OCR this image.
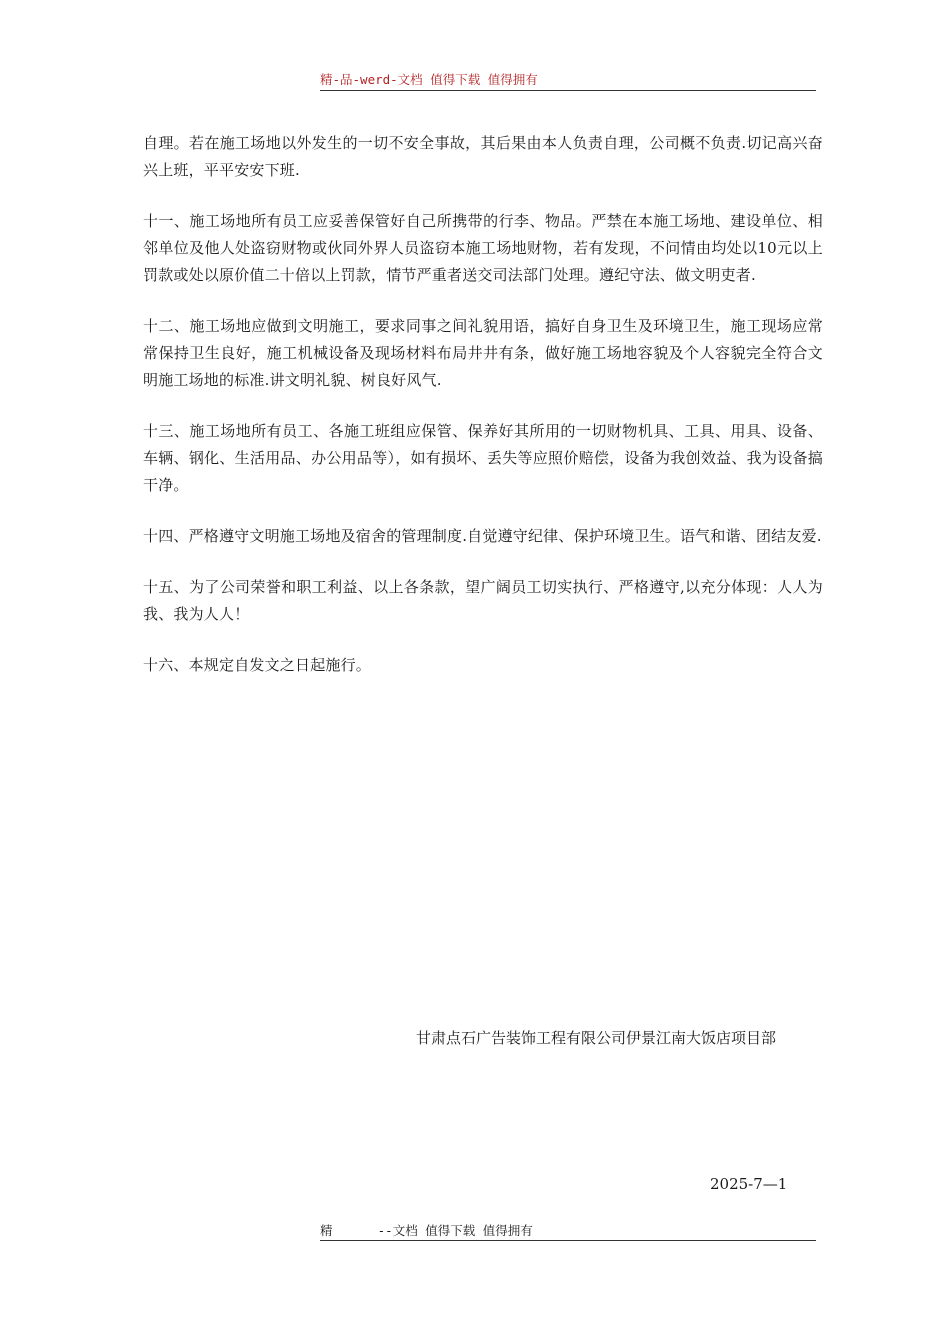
精-品-werd-文档 值得下载 值得拥有

自理。若在施工场地以外发生的一切不安全事故，其后果由本人负责自理，公司概不负责.切记高兴奋兴上班，平平安安下班.

十一、施工场地所有员工应妥善保管好自己所携带的行李、物品。严禁在本施工场地、建设单位、相邻单位及他人处盗窃财物或伙同外界人员盗窃本施工场地财物，若有发现，不问情由均处以10元以上罚款或处以原价值二十倍以上罚款，情节严重者送交司法部门处理。遵纪守法、做文明吏者.

十二、施工场地应做到文明施工，要求同事之间礼貌用语，搞好自身卫生及环境卫生，施工现场应常常保持卫生良好，施工机械设备及现场材料布局井井有条，做好施工场地容貌及个人容貌完全符合文明施工场地的标准.讲文明礼貌、树良好风气.

十三、施工场地所有员工、各施工班组应保管、保养好其所用的一切财物机具、工具、用具、设备、车辆、钢化、生活用品、办公用品等），如有损坏、丢失等应照价赔偿，设备为我创效益、我为设备搞干净。

十四、严格遵守文明施工场地及宿舍的管理制度.自觉遵守纪律、保护环境卫生。语气和谐、团结友爱.

十五、为了公司荣誉和职工利益、以上各条款，望广阔员工切实执行、严格遵守,以充分体现：人人为我、我为人人！

十六、本规定自发文之日起施行。

甘肃点石广告装饰工程有限公司伊景江南大饭店项目部
2025-7—1
精      --文档 值得下载 值得拥有
